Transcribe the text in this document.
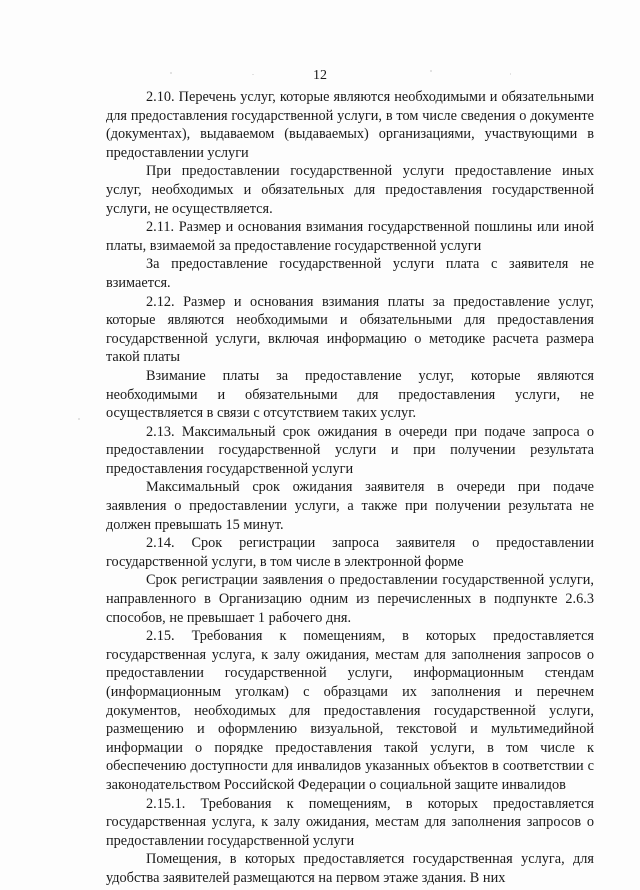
12

2.10. Перечень услуг, которые являются необходимыми и обязательными для предоставления государственной услуги, в том числе сведения о документе (документах), выдаваемом (выдаваемых) организациями, участвующими в предоставлении услуги

При предоставлении государственной услуги предоставление иных услуг, необходимых и обязательных для предоставления государственной услуги, не осуществляется.

2.11. Размер и основания взимания государственной пошлины или иной платы, взимаемой за предоставление государственной услуги

За предоставление государственной услуги плата с заявителя не взимается.

2.12. Размер и основания взимания платы за предоставление услуг, которые являются необходимыми и обязательными для предоставления государственной услуги, включая информацию о методике расчета размера такой платы

Взимание платы за предоставление услуг, которые являются необходимыми и обязательными для предоставления услуги, не осуществляется в связи с отсутствием таких услуг.

2.13. Максимальный срок ожидания в очереди при подаче запроса о предоставлении государственной услуги и при получении результата предоставления государственной услуги

Максимальный срок ожидания заявителя в очереди при подаче заявления о предоставлении услуги, а также при получении результата не должен превышать 15 минут.

2.14. Срок регистрации запроса заявителя о предоставлении государственной услуги, в том числе в электронной форме

Срок регистрации заявления о предоставлении государственной услуги, направленного в Организацию одним из перечисленных в подпункте 2.6.3 способов, не превышает 1 рабочего дня.

2.15. Требования к помещениям, в которых предоставляется государственная услуга, к залу ожидания, местам для заполнения запросов о предоставлении государственной услуги, информационным стендам (информационным уголкам) с образцами их заполнения и перечнем документов, необходимых для предоставления государственной услуги, размещению и оформлению визуальной, текстовой и мультимедийной информации о порядке предоставления такой услуги, в том числе к обеспечению доступности для инвалидов указанных объектов в соответствии с законодательством Российской Федерации о социальной защите инвалидов

2.15.1. Требования к помещениям, в которых предоставляется государственная услуга, к залу ожидания, местам для заполнения запросов о предоставлении государственной услуги

Помещения, в которых предоставляется государственная услуга, для удобства заявителей размещаются на первом этаже здания. В них
